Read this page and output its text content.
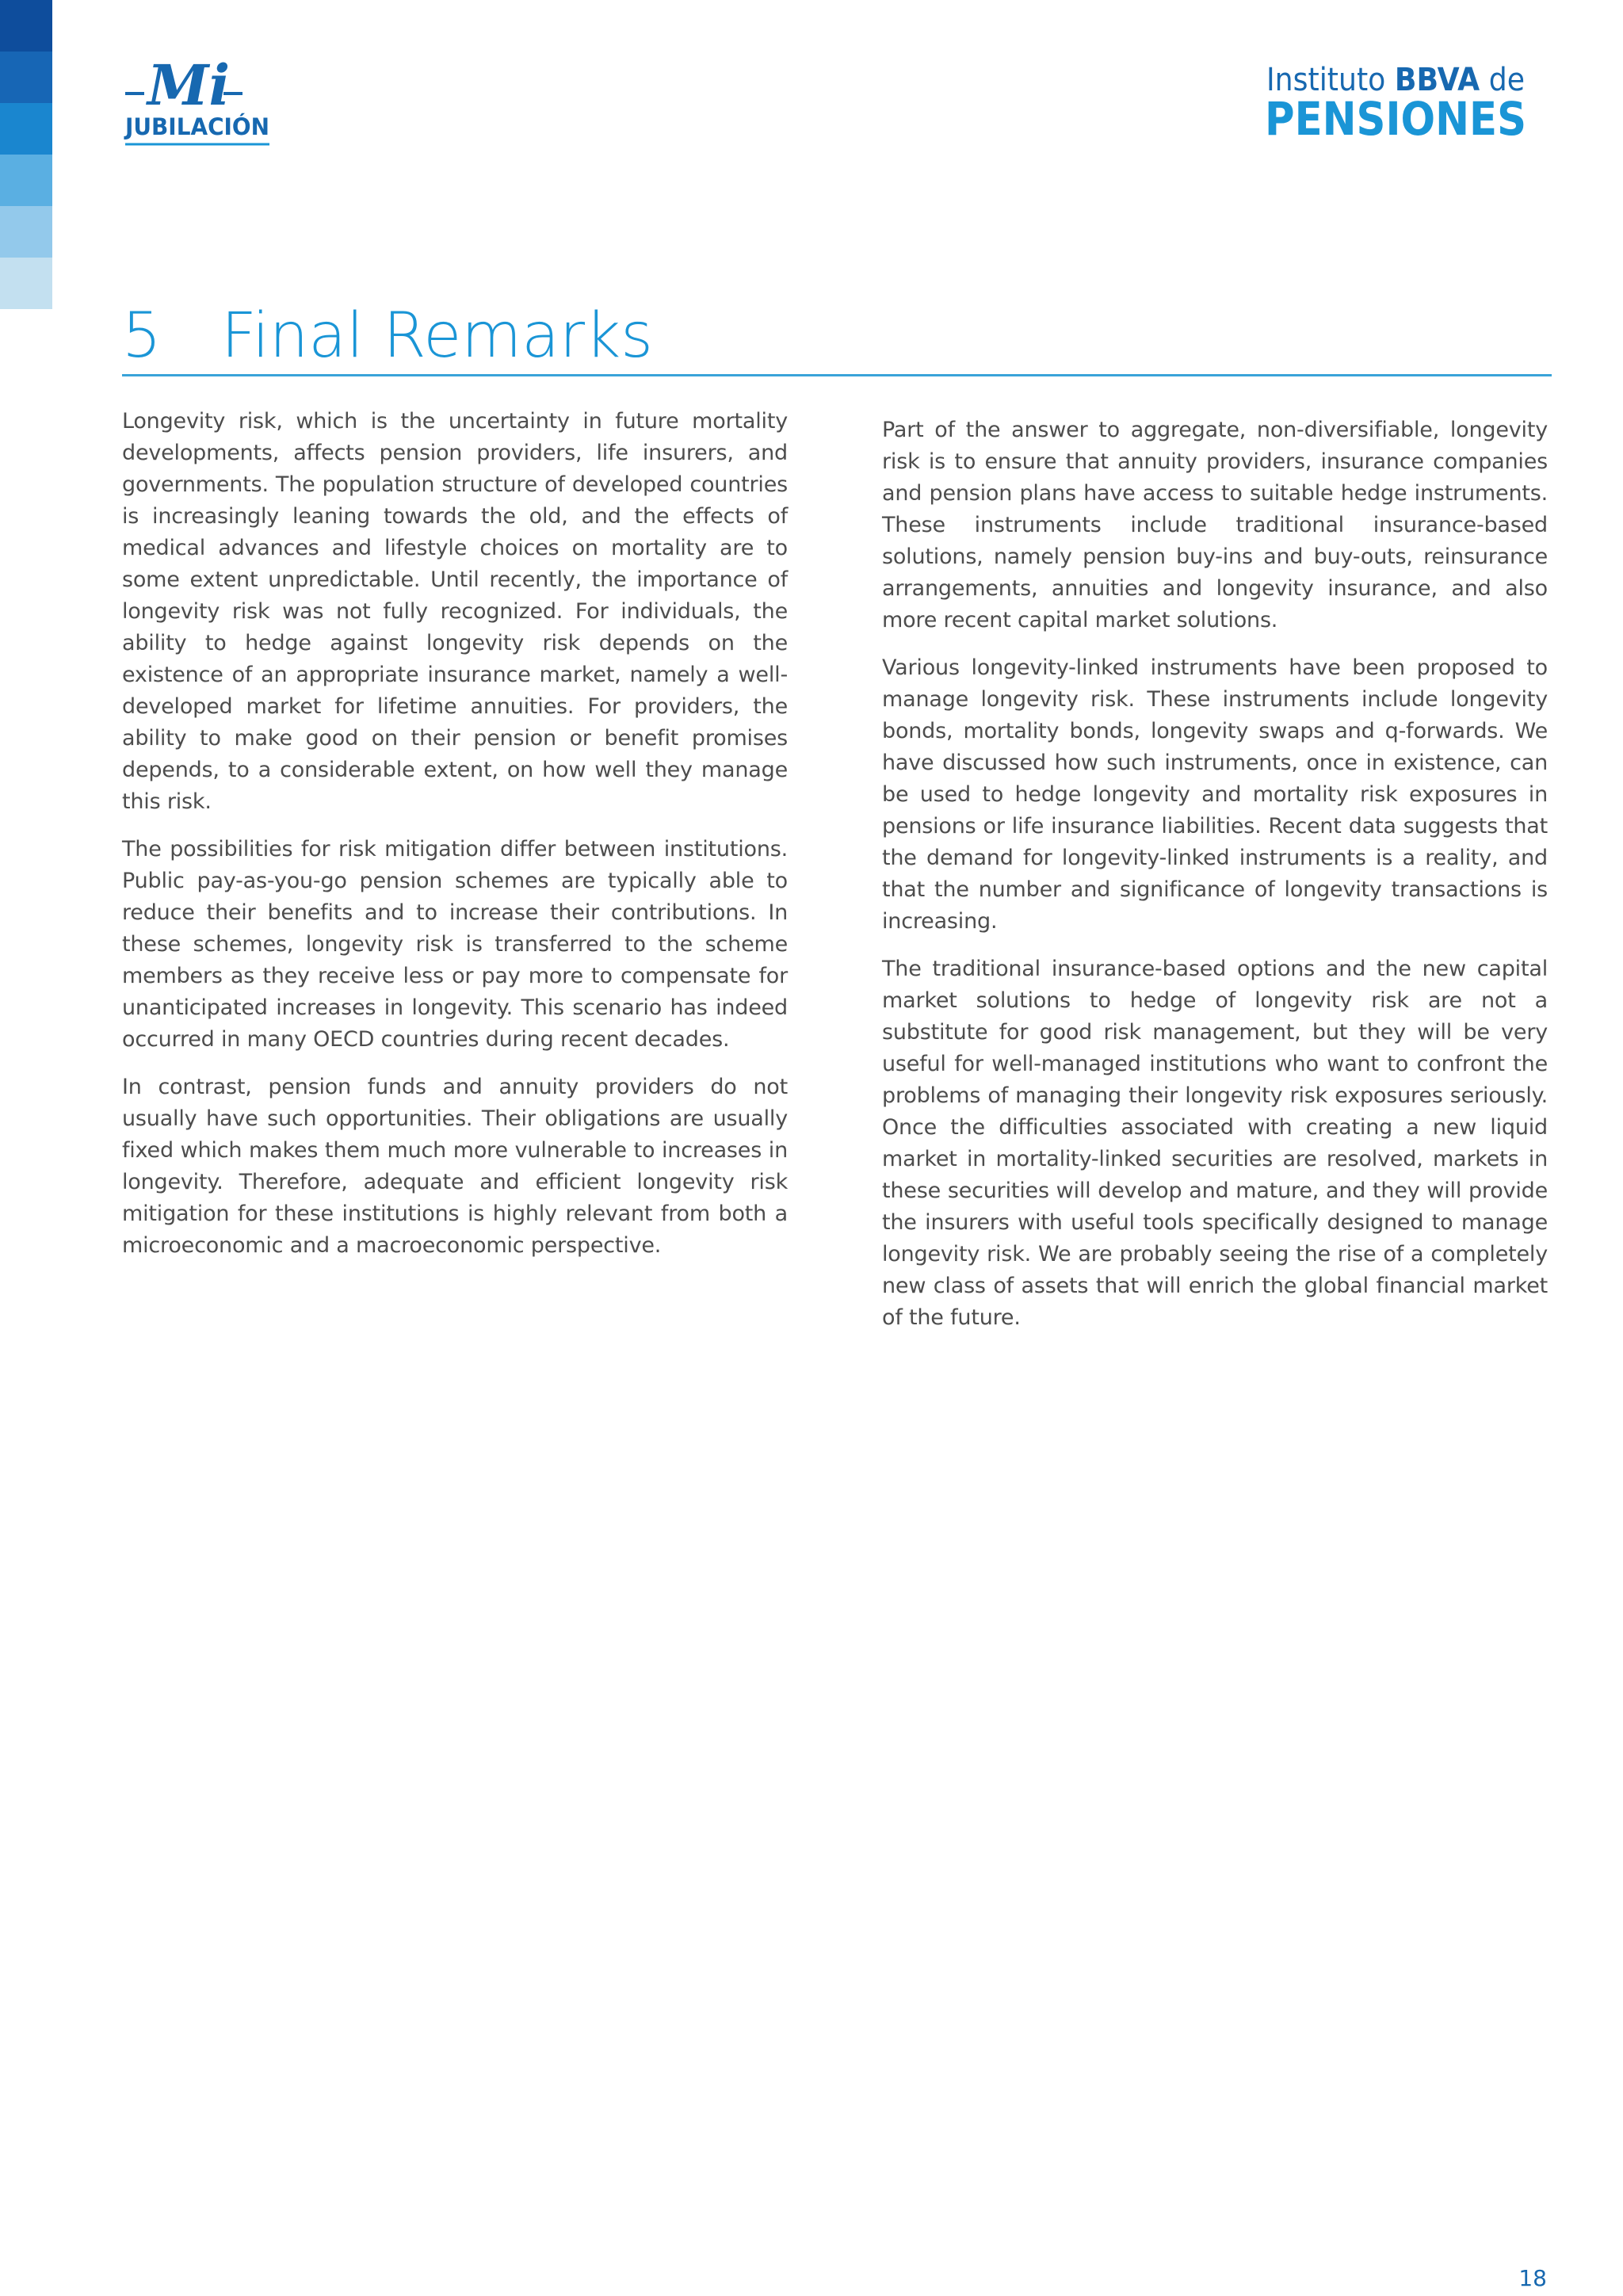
Mi
JUBILACIÓN
Instituto BBVA de
PENSIONES
5 Final Remarks

Longevity risk, which is the uncertainty in future mortality developments, affects pension providers, life insurers, and governments. The population structure of developed countries is increasingly leaning towards the old, and the effects of medical advances and lifestyle choices on mortality are to some extent unpredictable. Until recently, the importance of longevity risk was not fully recognized. For individuals, the ability to hedge against longevity risk depends on the existence of an appropriate insurance market, namely a well-developed market for lifetime annuities. For providers, the ability to make good on their pension or benefit promises depends, to a considerable extent, on how well they manage this risk.

The possibilities for risk mitigation differ between institutions. Public pay-as-you-go pension schemes are typically able to reduce their benefits and to increase their contributions. In these schemes, longevity risk is transferred to the scheme members as they receive less or pay more to compensate for unanticipated increases in longevity. This scenario has indeed occurred in many OECD countries during recent decades.

In contrast, pension funds and annuity providers do not usually have such opportunities. Their obligations are usually fixed which makes them much more vulnerable to increases in longevity. Therefore, adequate and efficient longevity risk mitigation for these institutions is highly relevant from both a microeconomic and a macroeconomic perspective.

Part of the answer to aggregate, non-diversifiable, longevity risk is to ensure that annuity providers, insurance companies and pension plans have access to suitable hedge instruments. These instruments include traditional insurance-based solutions, namely pension buy-ins and buy-outs, reinsurance arrangements, annuities and longevity insurance, and also more recent capital market solutions.

Various longevity-linked instruments have been proposed to manage longevity risk. These instruments include longevity bonds, mortality bonds, longevity swaps and q-forwards. We have discussed how such instruments, once in existence, can be used to hedge longevity and mortality risk exposures in pensions or life insurance liabilities. Recent data suggests that the demand for longevity-linked instruments is a reality, and that the number and significance of longevity transactions is increasing.

The traditional insurance-based options and the new capital market solutions to hedge of longevity risk are not a substitute for good risk management, but they will be very useful for well-managed institutions who want to confront the problems of managing their longevity risk exposures seriously. Once the difficulties associated with creating a new liquid market in mortality-linked securities are resolved, markets in these securities will develop and mature, and they will provide the insurers with useful tools specifically designed to manage longevity risk. We are probably seeing the rise of a completely new class of assets that will enrich the global financial market of the future.

18
